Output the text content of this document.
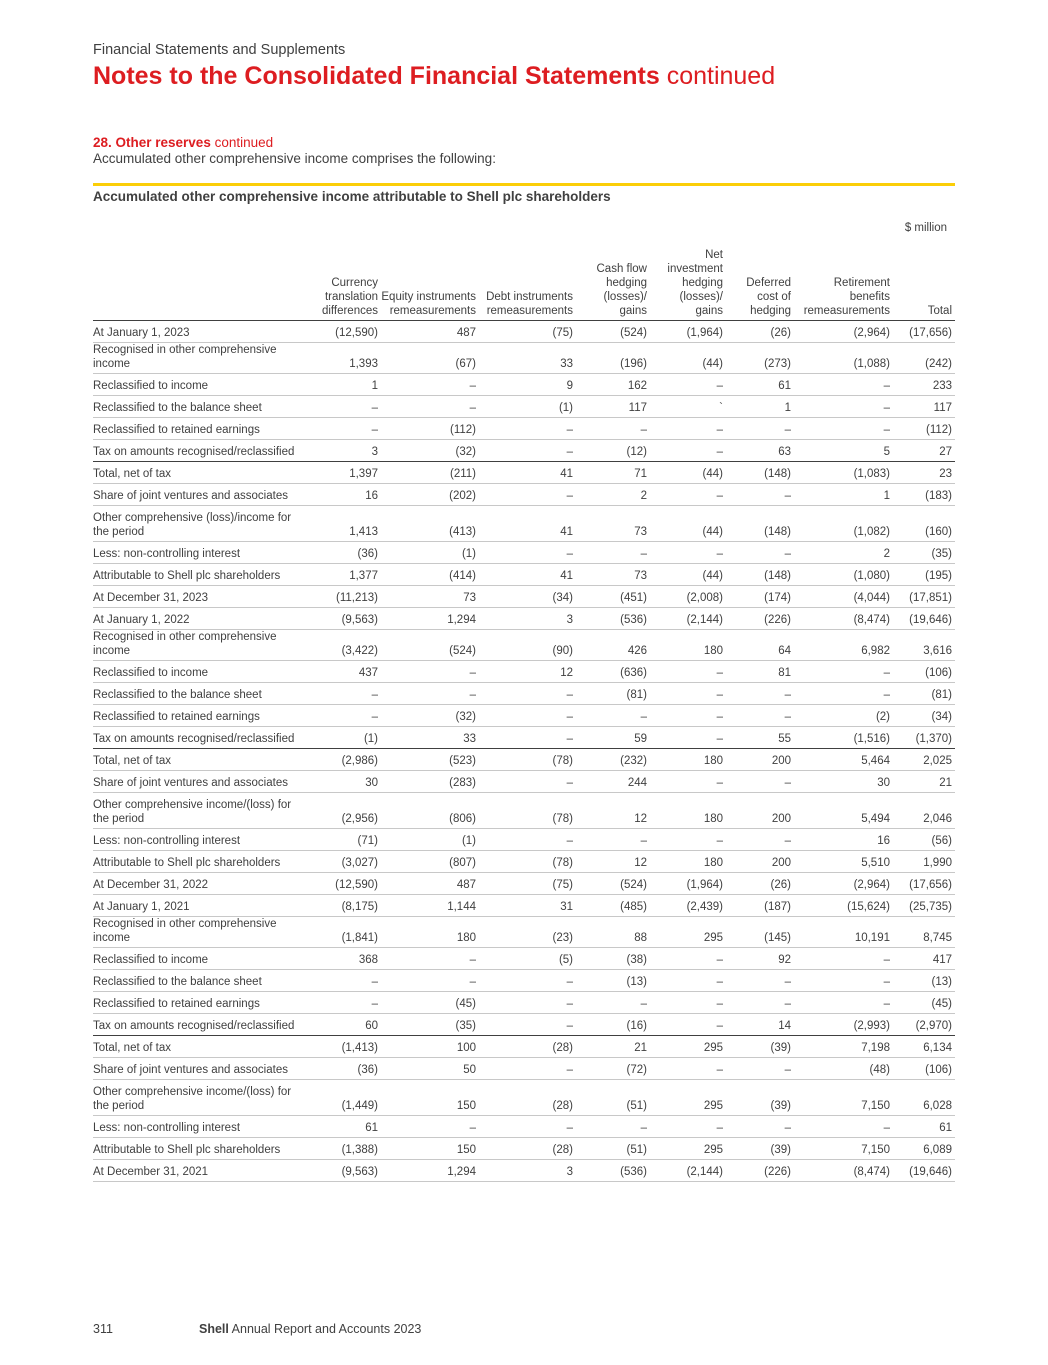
Financial Statements and Supplements
Notes to the Consolidated Financial Statements continued
28. Other reserves continued
Accumulated other comprehensive income comprises the following:
Accumulated other comprehensive income attributable to Shell plc shareholders
$ million
	Currency translation differences	Equity instruments remeasurements	Debt instruments remeasurements	Cash flow hedging (losses)/ gains	Net investment hedging (losses)/ gains	Deferred cost of hedging	Retirement benefits remeasurements	Total
At January 1, 2023	(12,590)	487	(75)	(524)	(1,964)	(26)	(2,964)	(17,656)
Recognised in other comprehensive income	1,393	(67)	33	(196)	(44)	(273)	(1,088)	(242)
Reclassified to income	1	–	9	162	–	61	–	233
Reclassified to the balance sheet	–	–	(1)	117	`	1	–	117
Reclassified to retained earnings	–	(112)	–	–	–	–	–	(112)
Tax on amounts recognised/reclassified	3	(32)	–	(12)	–	63	5	27
Total, net of tax	1,397	(211)	41	71	(44)	(148)	(1,083)	23
Share of joint ventures and associates	16	(202)	–	2	–	–	1	(183)
Other comprehensive (loss)/income for the period	1,413	(413)	41	73	(44)	(148)	(1,082)	(160)
Less: non-controlling interest	(36)	(1)	–	–	–	–	2	(35)
Attributable to Shell plc shareholders	1,377	(414)	41	73	(44)	(148)	(1,080)	(195)
At December 31, 2023	(11,213)	73	(34)	(451)	(2,008)	(174)	(4,044)	(17,851)
At January 1, 2022	(9,563)	1,294	3	(536)	(2,144)	(226)	(8,474)	(19,646)
Recognised in other comprehensive income	(3,422)	(524)	(90)	426	180	64	6,982	3,616
Reclassified to income	437	–	12	(636)	–	81	–	(106)
Reclassified to the balance sheet	–	–	–	(81)	–	–	–	(81)
Reclassified to retained earnings	–	(32)	–	–	–	–	(2)	(34)
Tax on amounts recognised/reclassified	(1)	33	–	59	–	55	(1,516)	(1,370)
Total, net of tax	(2,986)	(523)	(78)	(232)	180	200	5,464	2,025
Share of joint ventures and associates	30	(283)	–	244	–	–	30	21
Other comprehensive income/(loss) for the period	(2,956)	(806)	(78)	12	180	200	5,494	2,046
Less: non-controlling interest	(71)	(1)	–	–	–	–	16	(56)
Attributable to Shell plc shareholders	(3,027)	(807)	(78)	12	180	200	5,510	1,990
At December 31, 2022	(12,590)	487	(75)	(524)	(1,964)	(26)	(2,964)	(17,656)
At January 1, 2021	(8,175)	1,144	31	(485)	(2,439)	(187)	(15,624)	(25,735)
Recognised in other comprehensive income	(1,841)	180	(23)	88	295	(145)	10,191	8,745
Reclassified to income	368	–	(5)	(38)	–	92	–	417
Reclassified to the balance sheet	–	–	–	(13)	–	–	–	(13)
Reclassified to retained earnings	–	(45)	–	–	–	–	–	(45)
Tax on amounts recognised/reclassified	60	(35)	–	(16)	–	14	(2,993)	(2,970)
Total, net of tax	(1,413)	100	(28)	21	295	(39)	7,198	6,134
Share of joint ventures and associates	(36)	50	–	(72)	–	–	(48)	(106)
Other comprehensive income/(loss) for the period	(1,449)	150	(28)	(51)	295	(39)	7,150	6,028
Less: non-controlling interest	61	–	–	–	–	–	–	61
Attributable to Shell plc shareholders	(1,388)	150	(28)	(51)	295	(39)	7,150	6,089
At December 31, 2021	(9,563)	1,294	3	(536)	(2,144)	(226)	(8,474)	(19,646)
311	Shell Annual Report and Accounts 2023
